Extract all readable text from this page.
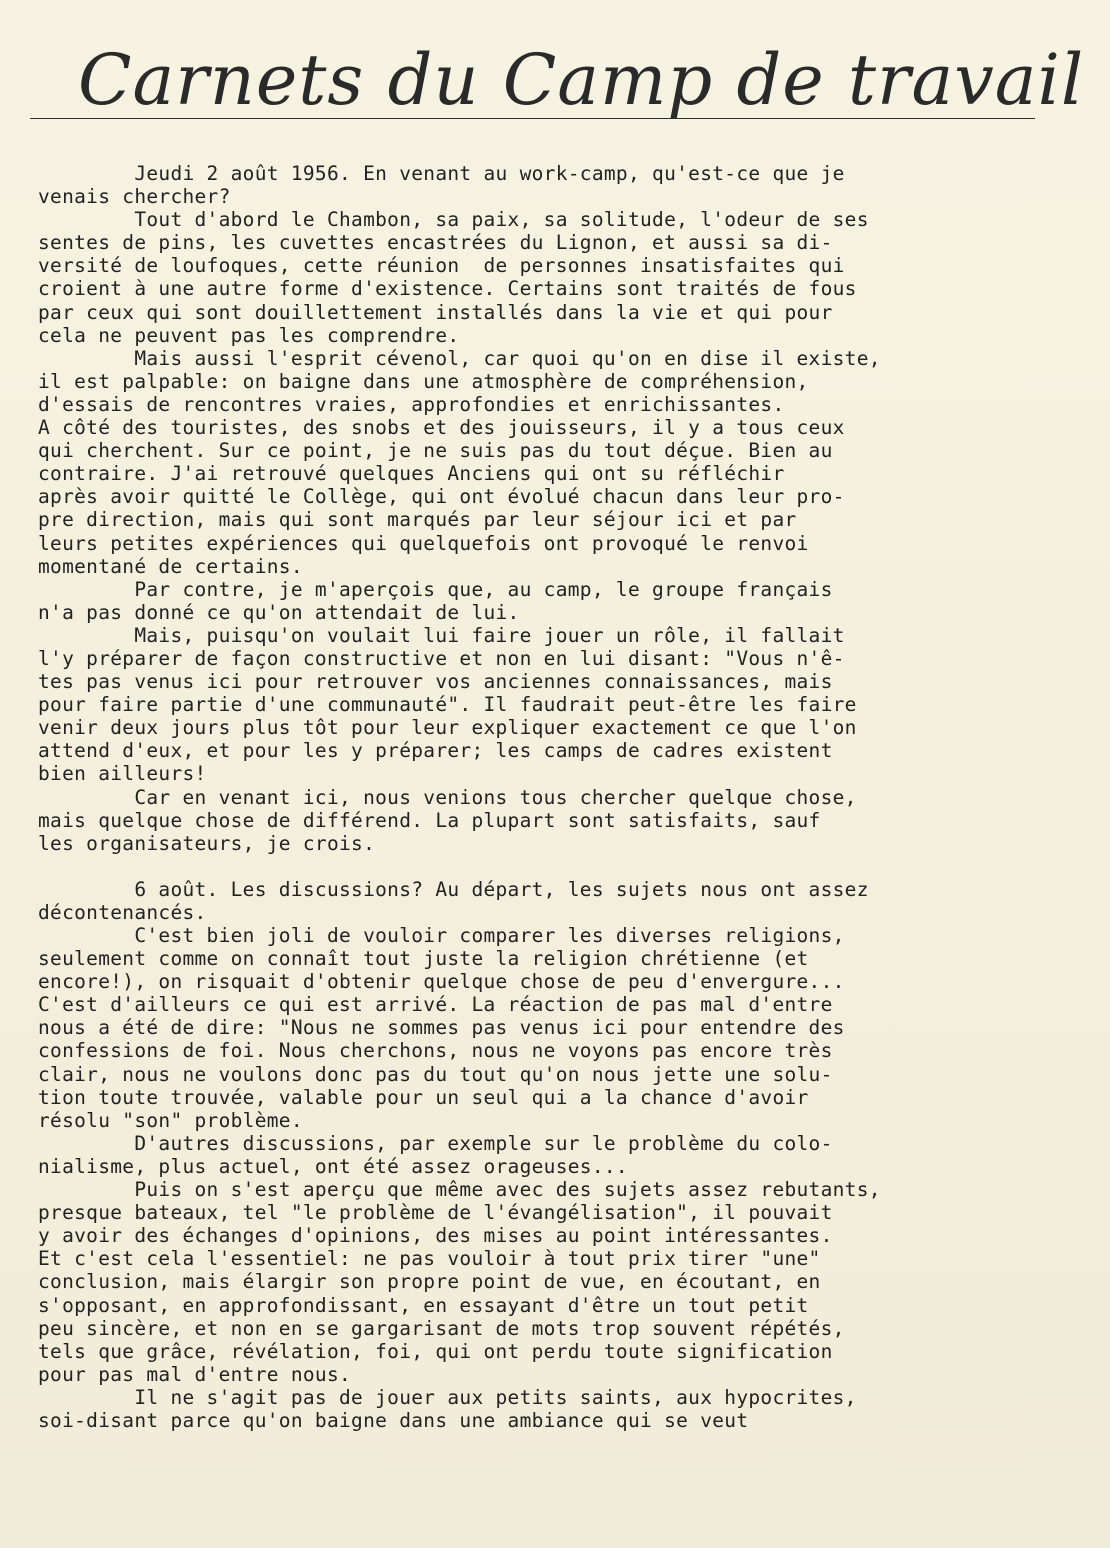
Carnets du Camp de travail

Jeudi 2 août 1956. En venant au work-camp, qu'est-ce que je
venais chercher?

Tout d'abord le Chambon, sa paix, sa solitude, l'odeur de ses
sentes de pins, les cuvettes encastrées du Lignon, et aussi sa di-
versité de loufoques, cette réunion  de personnes insatisfaites qui
croient à une autre forme d'existence. Certains sont traités de fous
par ceux qui sont douillettement installés dans la vie et qui pour
cela ne peuvent pas les comprendre.

Mais aussi l'esprit cévenol, car quoi qu'on en dise il existe,
il est palpable: on baigne dans une atmosphère de compréhension,
d'essais de rencontres vraies, approfondies et enrichissantes.
A côté des touristes, des snobs et des jouisseurs, il y a tous ceux
qui cherchent. Sur ce point, je ne suis pas du tout déçue. Bien au
contraire. J'ai retrouvé quelques Anciens qui ont su réfléchir
après avoir quitté le Collège, qui ont évolué chacun dans leur pro-
pre direction, mais qui sont marqués par leur séjour ici et par
leurs petites expériences qui quelquefois ont provoqué le renvoi
momentané de certains.

Par contre, je m'aperçois que, au camp, le groupe français
n'a pas donné ce qu'on attendait de lui.

Mais, puisqu'on voulait lui faire jouer un rôle, il fallait
l'y préparer de façon constructive et non en lui disant: "Vous n'ê-
tes pas venus ici pour retrouver vos anciennes connaissances, mais
pour faire partie d'une communauté". Il faudrait peut-être les faire
venir deux jours plus tôt pour leur expliquer exactement ce que l'on
attend d'eux, et pour les y préparer; les camps de cadres existent
bien ailleurs!

Car en venant ici, nous venions tous chercher quelque chose,
mais quelque chose de différend. La plupart sont satisfaits, sauf
les organisateurs, je crois.

6 août. Les discussions? Au départ, les sujets nous ont assez
décontenancés.

C'est bien joli de vouloir comparer les diverses religions,
seulement comme on connaît tout juste la religion chrétienne (et
encore!), on risquait d'obtenir quelque chose de peu d'envergure...
C'est d'ailleurs ce qui est arrivé. La réaction de pas mal d'entre
nous a été de dire: "Nous ne sommes pas venus ici pour entendre des
confessions de foi. Nous cherchons, nous ne voyons pas encore très
clair, nous ne voulons donc pas du tout qu'on nous jette une solu-
tion toute trouvée, valable pour un seul qui a la chance d'avoir
résolu "son" problème.

D'autres discussions, par exemple sur le problème du colo-
nialisme, plus actuel, ont été assez orageuses...

Puis on s'est aperçu que même avec des sujets assez rebutants,
presque bateaux, tel "le problème de l'évangélisation", il pouvait
y avoir des échanges d'opinions, des mises au point intéressantes.
Et c'est cela l'essentiel: ne pas vouloir à tout prix tirer "une"
conclusion, mais élargir son propre point de vue, en écoutant, en
s'opposant, en approfondissant, en essayant d'être un tout petit
peu sincère, et non en se gargarisant de mots trop souvent répétés,
tels que grâce, révélation, foi, qui ont perdu toute signification
pour pas mal d'entre nous.

Il ne s'agit pas de jouer aux petits saints, aux hypocrites,
soi-disant parce qu'on baigne dans une ambiance qui se veut
